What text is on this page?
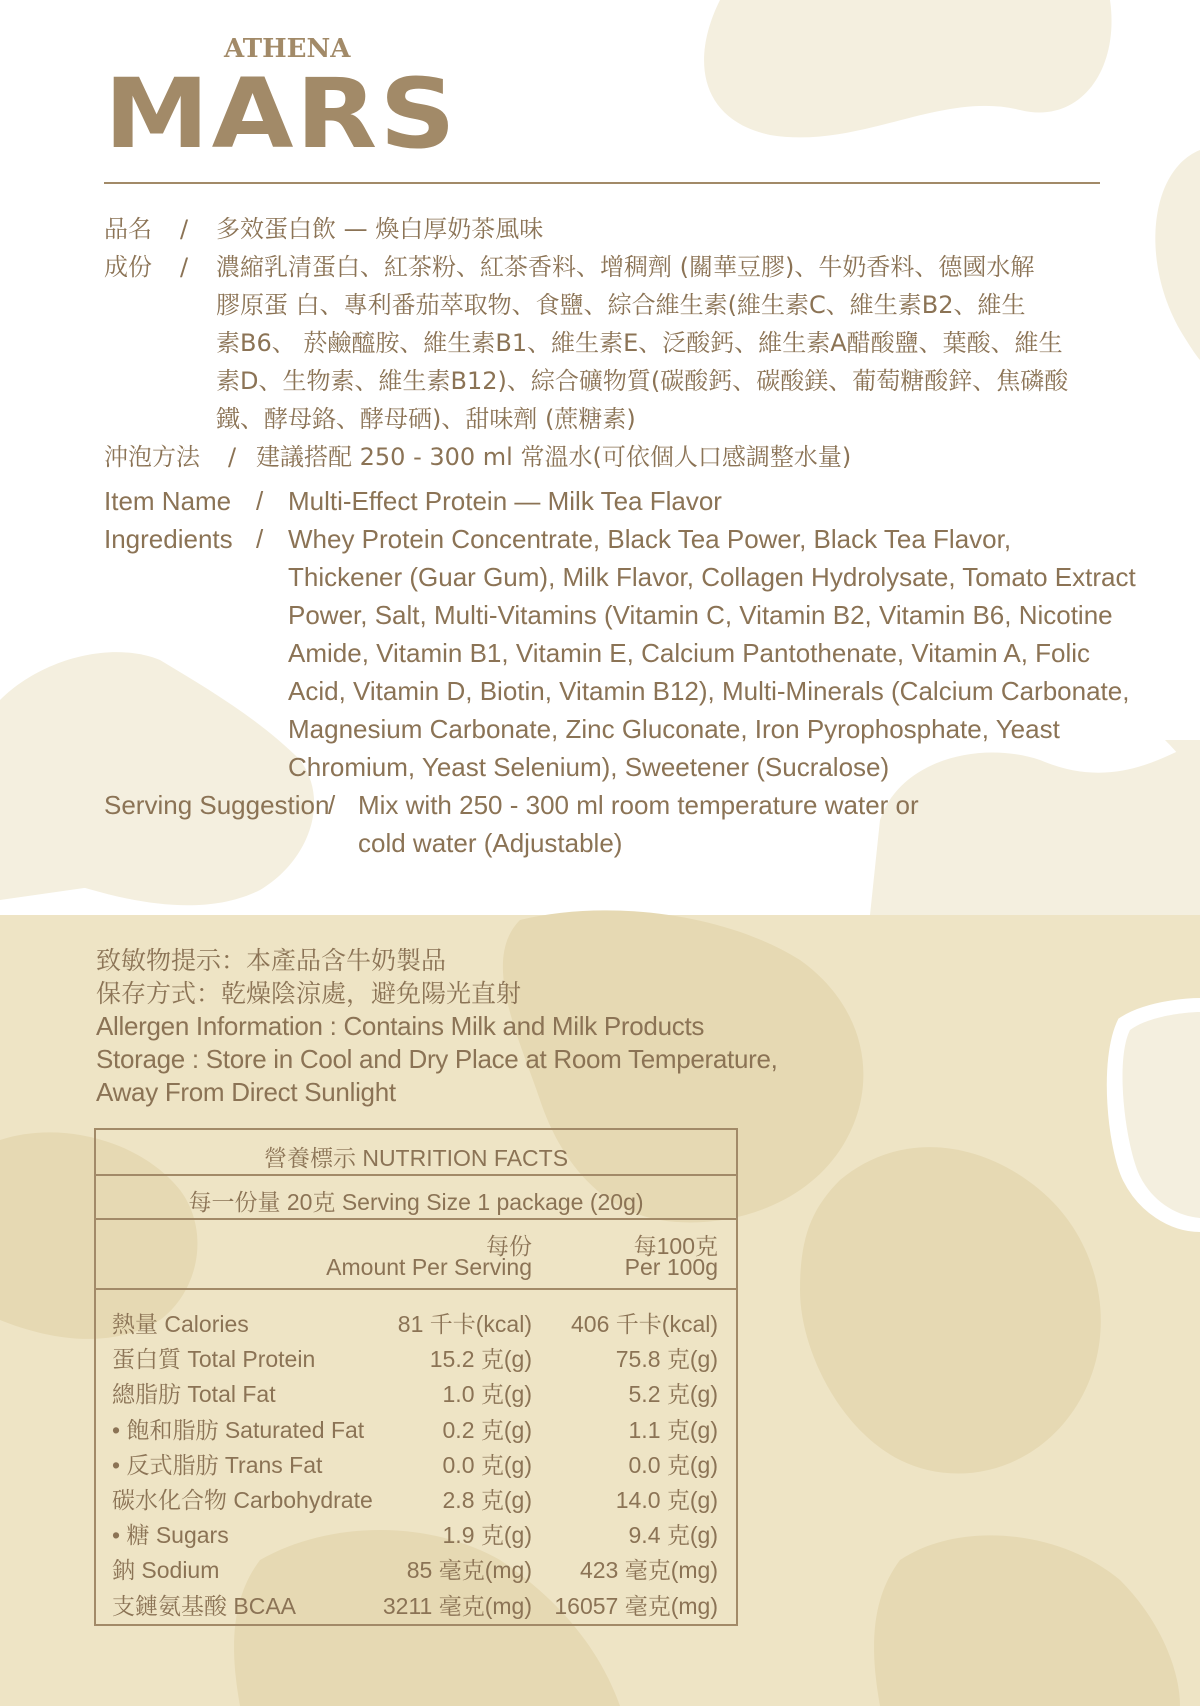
ATHENA
MARS
品名 / 多效蛋白飲 — 煥白厚奶茶風味
成份 / 濃縮乳清蛋白、紅茶粉、紅茶香料、增稠劑 (關華豆膠)、牛奶香料、德國水解
膠原蛋 白、專利番茄萃取物、食鹽、綜合維生素(維生素C、維生素B2、維生
素B6、 菸鹼醯胺、維生素B1、維生素E、泛酸鈣、維生素A醋酸鹽、葉酸、維生
素D、生物素、維生素B12)、綜合礦物質(碳酸鈣、碳酸鎂、葡萄糖酸鋅、焦磷酸
鐵、酵母鉻、酵母硒)、甜味劑 (蔗糖素)
沖泡方法 / 建議搭配 250 - 300 ml 常溫水(可依個人口感調整水量)
Item Name / Multi-Effect Protein — Milk Tea Flavor
Ingredients / Whey Protein Concentrate, Black Tea Power, Black Tea Flavor,
Thickener (Guar Gum), Milk Flavor, Collagen Hydrolysate, Tomato Extract
Power, Salt, Multi-Vitamins (Vitamin C, Vitamin B2, Vitamin B6, Nicotine
Amide, Vitamin B1, Vitamin E, Calcium Pantothenate, Vitamin A, Folic
Acid, Vitamin D, Biotin, Vitamin B12), Multi-Minerals (Calcium Carbonate,
Magnesium Carbonate, Zinc Gluconate, Iron Pyrophosphate, Yeast
Chromium, Yeast Selenium), Sweetener (Sucralose)
Serving Suggestion
/ Mix with 250 - 300 ml room temperature water or
cold water (Adjustable)
致敏物提示：本產品含牛奶製品
保存方式：乾燥陰涼處，避免陽光直射
Allergen Information : Contains Milk and Milk Products
Storage : Store in Cool and Dry Place at Room Temperature,
Away From Direct Sunlight
營養標示 NUTRITION FACTS
每一份量 20克 Serving Size 1 package (20g)
每份
Amount Per Serving
每100克
Per 100g
熱量 Calories	81 千卡(kcal) 406 千卡(kcal)
蛋白質 Total Protein	15.2 克(g)	75.8 克(g)
總脂肪 Total Fat	1.0 克(g)	5.2 克(g)
• 飽和脂肪 Saturated Fat	0.2 克(g)	1.1 克(g)
• 反式脂肪 Trans Fat	0.0 克(g)	0.0 克(g)
碳水化合物 Carbohydrate	2.8 克(g)	14.0 克(g)
• 糖 Sugars	1.9 克(g)	9.4 克(g)
鈉 Sodium	85 毫克(mg) 423 毫克(mg)
支鏈氨基酸 BCAA	3211 毫克(mg) 16057 毫克(mg)
